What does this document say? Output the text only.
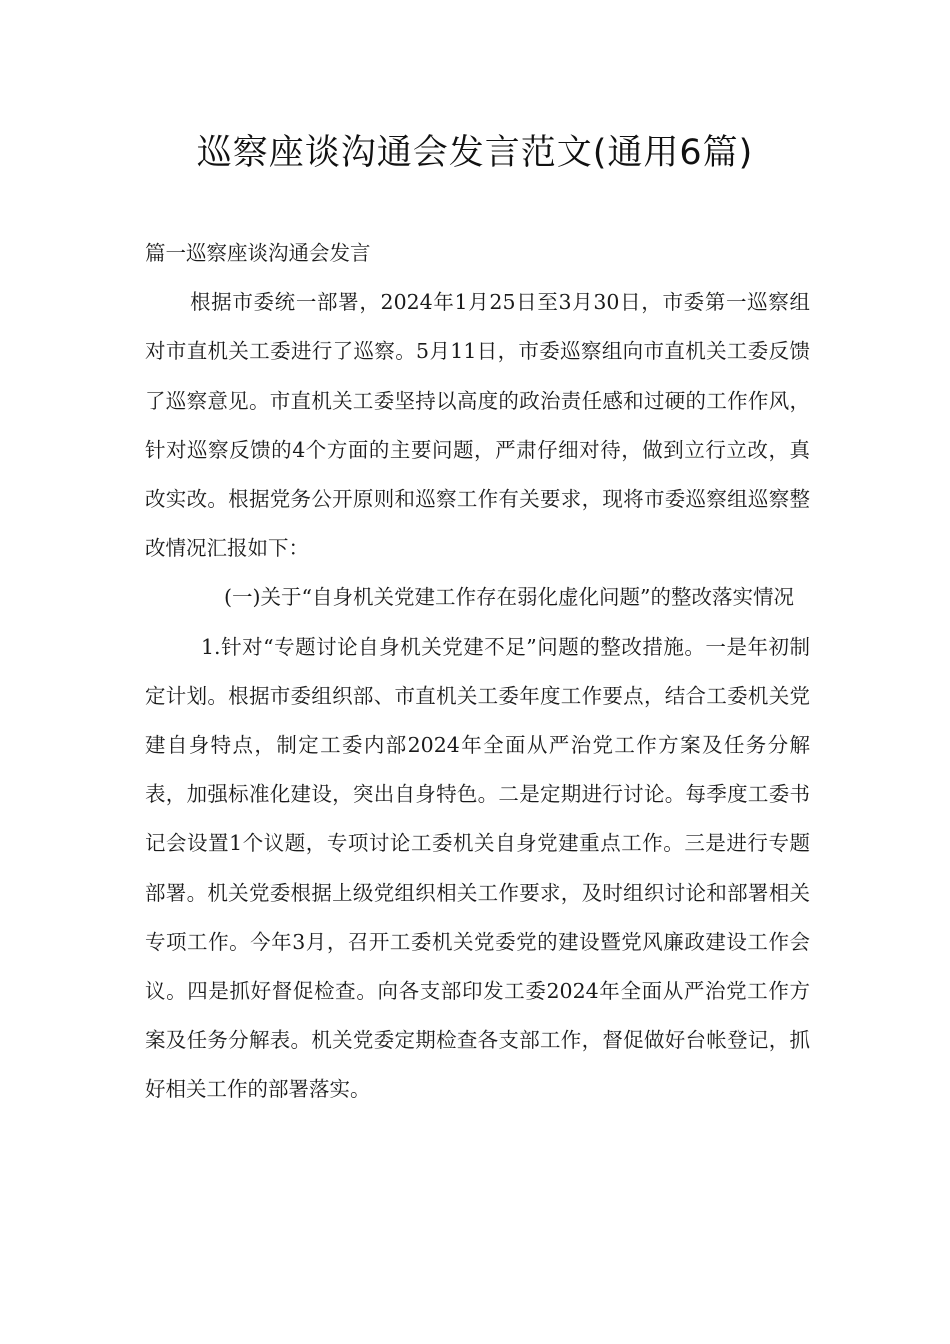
巡察座谈沟通会发言范文(通用6篇)

篇一巡察座谈沟通会发言

根据市委统一部署，2024年1月25日至3月30日，市委第一巡察组对市直机关工委进行了巡察。5月11日，市委巡察组向市直机关工委反馈了巡察意见。市直机关工委坚持以高度的政治责任感和过硬的工作作风，针对巡察反馈的4个方面的主要问题，严肃仔细对待，做到立行立改，真改实改。根据党务公开原则和巡察工作有关要求，现将市委巡察组巡察整改情况汇报如下：

(一)关于“自身机关党建工作存在弱化虚化问题”的整改落实情况

1.针对“专题讨论自身机关党建不足”问题的整改措施。一是年初制定计划。根据市委组织部、市直机关工委年度工作要点，结合工委机关党建自身特点，制定工委内部2024年全面从严治党工作方案及任务分解表，加强标准化建设，突出自身特色。二是定期进行讨论。每季度工委书记会设置1个议题，专项讨论工委机关自身党建重点工作。三是进行专题部署。机关党委根据上级党组织相关工作要求，及时组织讨论和部署相关专项工作。今年3月，召开工委机关党委党的建设暨党风廉政建设工作会议。四是抓好督促检查。向各支部印发工委2024年全面从严治党工作方案及任务分解表。机关党委定期检查各支部工作，督促做好台帐登记，抓好相关工作的部署落实。
